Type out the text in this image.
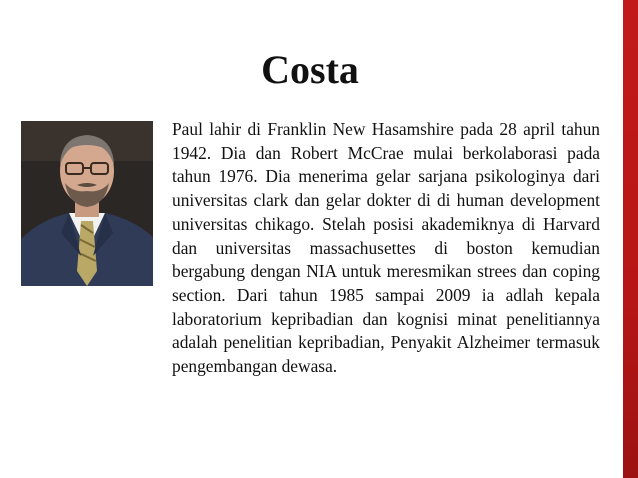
Costa

Paul lahir di Franklin New Hasamshire pada 28 april tahun 1942. Dia dan Robert McCrae mulai berkolaborasi pada tahun 1976. Dia menerima gelar sarjana psikologinya dari universitas clark dan gelar dokter di di human development universitas chikago. Stelah posisi akademiknya di Harvard dan universitas massachusettes di boston kemudian bergabung dengan NIA untuk meresmikan strees dan coping section. Dari tahun 1985 sampai 2009 ia adlah kepala laboratorium kepribadian dan kognisi minat penelitiannya adalah penelitian kepribadian, Penyakit Alzheimer termasuk pengembangan dewasa.
